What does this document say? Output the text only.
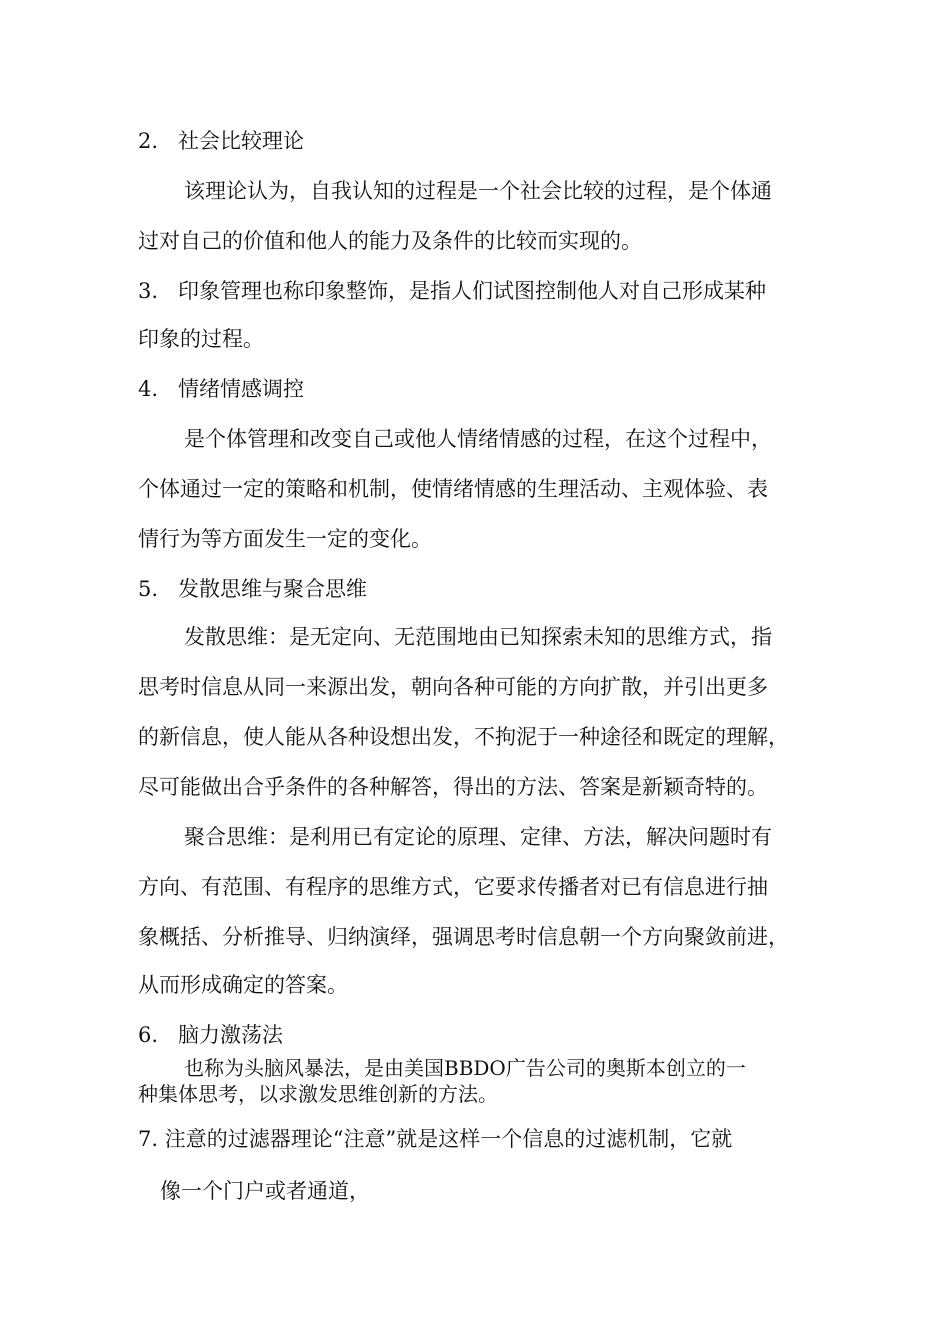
2. 社会比较理论
该理论认为，自我认知的过程是一个社会比较的过程，是个体通
过对自己的价值和他人的能力及条件的比较而实现的。
3. 印象管理也称印象整饰，是指人们试图控制他人对自己形成某种
印象的过程。
4. 情绪情感调控
是个体管理和改变自己或他人情绪情感的过程，在这个过程中，
个体通过一定的策略和机制，使情绪情感的生理活动、主观体验、表
情行为等方面发生一定的变化。
5. 发散思维与聚合思维
发散思维：是无定向、无范围地由已知探索未知的思维方式，指
思考时信息从同一来源出发，朝向各种可能的方向扩散，并引出更多
的新信息，使人能从各种设想出发，不拘泥于一种途径和既定的理解，
尽可能做出合乎条件的各种解答，得出的方法、答案是新颖奇特的。
聚合思维：是利用已有定论的原理、定律、方法，解决问题时有
方向、有范围、有程序的思维方式，它要求传播者对已有信息进行抽
象概括、分析推导、归纳演绎，强调思考时信息朝一个方向聚敛前进，
从而形成确定的答案。
6. 脑力激荡法
也称为头脑风暴法，是由美国BBDO广告公司的奥斯本创立的一
种集体思考，以求激发思维创新的方法。
7. 注意的过滤器理论“注意”就是这样一个信息的过滤机制，它就
像一个门户或者通道，
